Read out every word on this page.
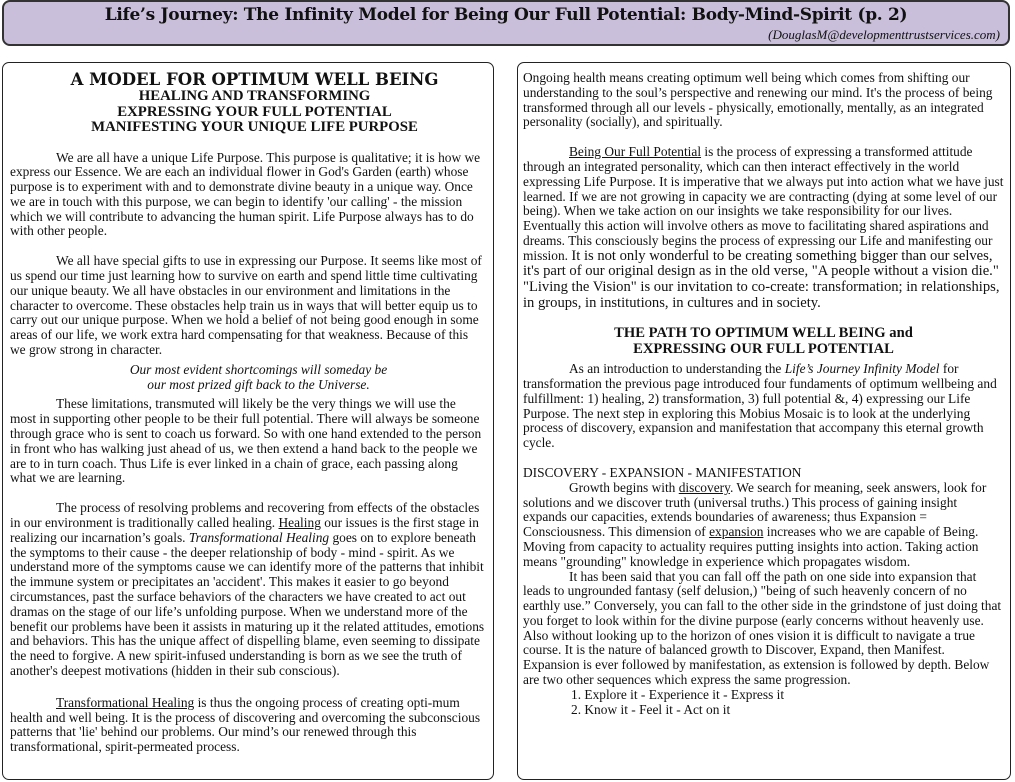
Life’s Journey: The Infinity Model for Being Our Full Potential: Body-Mind-Spirit (p. 2)
(DouglasM@developmenttrustservices.com)
A MODEL FOR OPTIMUM WELL BEING
HEALING AND TRANSFORMING
EXPRESSING YOUR FULL POTENTIAL
MANIFESTING YOUR UNIQUE LIFE PURPOSE

We are all have a unique Life Purpose. This purpose is qualitative; it is how we express our Essence. We are each an individual flower in God's Garden (earth) whose purpose is to experiment with and to demonstrate divine beauty in a unique way. Once we are in touch with this purpose, we can begin to identify 'our calling' - the mission which we will contribute to advancing the human spirit. Life Purpose always has to do with other people.

We all have special gifts to use in expressing our Purpose. It seems like most of us spend our time just learning how to survive on earth and spend little time cultivating our unique beauty. We all have obstacles in our environment and limitations in the character to overcome. These obstacles help train us in ways that will better equip us to carry out our unique purpose. When we hold a belief of not being good enough in some areas of our life, we work extra hard compensating for that weakness. Because of this we grow strong in character.

Our most evident shortcomings will someday be
our most prized gift back to the Universe.

These limitations, transmuted will likely be the very things we will use the most in supporting other people to be their full potential. There will always be someone through grace who is sent to coach us forward. So with one hand extended to the person in front who has walking just ahead of us, we then extend a hand back to the people we are to in turn coach. Thus Life is ever linked in a chain of grace, each passing along what we are learning.

The process of resolving problems and recovering from effects of the obstacles in our environment is traditionally called healing. Healing our issues is the first stage in realizing our incarnation’s goals. Transformational Healing goes on to explore beneath the symptoms to their cause - the deeper relationship of body - mind - spirit. As we understand more of the symptoms cause we can identify more of the patterns that inhibit the immune system or precipitates an 'accident'. This makes it easier to go beyond circumstances, past the surface behaviors of the characters we have created to act out dramas on the stage of our life’s unfolding purpose. When we understand more of the benefit our problems have been it assists in maturing up it the related attitudes, emotions and behaviors. This has the unique affect of dispelling blame, even seeming to dissipate the need to forgive. A new spirit-infused understanding is born as we see the truth of another's deepest motivations (hidden in their sub conscious).

Transformational Healing is thus the ongoing process of creating opti-mum health and well being. It is the process of discovering and overcoming the subconscious patterns that 'lie' behind our problems. Our mind’s our renewed through this transformational, spirit-permeated process.

Ongoing health means creating optimum well being which comes from shifting our understanding to the soul’s perspective and renewing our mind. It's the process of being transformed through all our levels - physically, emotionally, mentally, as an integrated personality (socially), and spiritually.

Being Our Full Potential is the process of expressing a transformed attitude through an integrated personality, which can then interact effectively in the world expressing Life Purpose. It is imperative that we always put into action what we have just learned. If we are not growing in capacity we are contracting (dying at some level of our being). When we take action on our insights we take responsibility for our lives. Eventually this action will involve others as move to facilitating shared aspirations and dreams. This consciously begins the process of expressing our Life and manifesting our mission. It is not only wonderful to be creating something bigger than our selves, it's part of our original design as in the old verse, "A people without a vision die." "Living the Vision" is our invitation to co-create: transformation; in relationships, in groups, in institutions, in cultures and in society.

THE PATH TO OPTIMUM WELL BEING and
EXPRESSING OUR FULL POTENTIAL

As an introduction to understanding the Life’s Journey Infinity Model for transformation the previous page introduced four fundaments of optimum wellbeing and fulfillment: 1) healing, 2) transformation, 3) full potential &, 4) expressing our Life Purpose. The next step in exploring this Mobius Mosaic is to look at the underlying process of discovery, expansion and manifestation that accompany this eternal growth cycle.

DISCOVERY - EXPANSION - MANIFESTATION

Growth begins with discovery. We search for meaning, seek answers, look for solutions and we discover truth (universal truths.) This process of gaining insight expands our capacities, extends boundaries of awareness; thus Expansion = Consciousness. This dimension of expansion increases who we are capable of Being. Moving from capacity to actuality requires putting insights into action. Taking action means "grounding" knowledge in experience which propagates wisdom.

It has been said that you can fall off the path on one side into expansion that leads to ungrounded fantasy (self delusion,) "being of such heavenly concern of no earthly use.” Conversely, you can fall to the other side in the grindstone of just doing that you forget to look within for the divine purpose (early concerns without heavenly use. Also without looking up to the horizon of ones vision it is difficult to navigate a true course. It is the nature of balanced growth to Discover, Expand, then Manifest. Expansion is ever followed by manifestation, as extension is followed by depth. Below are two other sequences which express the same progression.

1. Explore it - Experience it - Express it
2. Know it - Feel it - Act on it
